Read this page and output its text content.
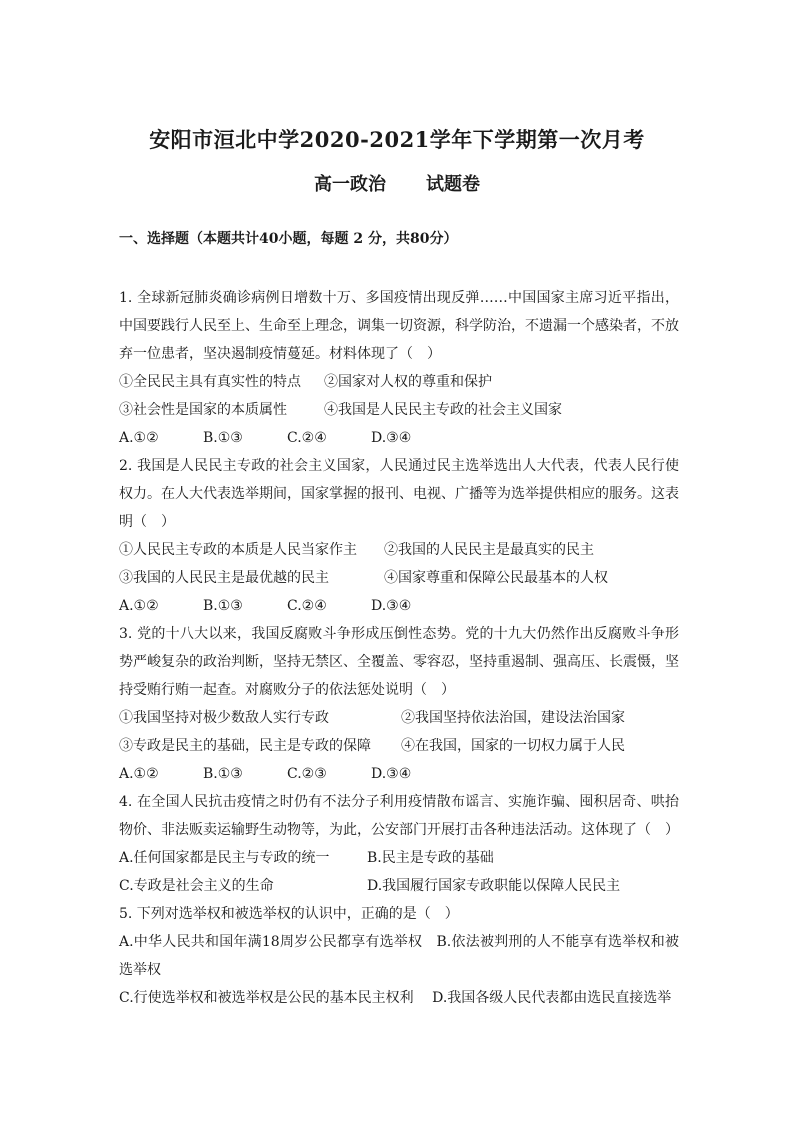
安阳市洹北中学2020-2021学年下学期第一次月考
高一政治 试题卷
一、选择题（本题共计40小题，每题 2 分，共80分）

1. 全球新冠肺炎确诊病例日增数十万、多国疫情出现反弹……中国国家主席习近平指出，中国要践行人民至上、生命至上理念，调集一切资源，科学防治，不遗漏一个感染者，不放弃一位患者，坚决遏制疫情蔓延。材料体现了（　）

①全民民主具有真实性的特点	②国家对人权的尊重和保护
③社会性是国家的本质属性	④我国是人民民主专政的社会主义国家
A.①②	B.①③	C.②④	D.③④

2. 我国是人民民主专政的社会主义国家，人民通过民主选举选出人大代表，代表人民行使权力。在人大代表选举期间，国家掌握的报刊、电视、广播等为选举提供相应的服务。这表明（　）

①人民民主专政的本质是人民当家作主	②我国的人民民主是最真实的民主
③我国的人民民主是最优越的民主	④国家尊重和保障公民最基本的人权
A.①②	B.①③	C.②④	D.③④

3. 党的十八大以来，我国反腐败斗争形成压倒性态势。党的十九大仍然作出反腐败斗争形势严峻复杂的政治判断，坚持无禁区、全覆盖、零容忍，坚持重遏制、强高压、长震慑，坚持受贿行贿一起查。对腐败分子的依法惩处说明（　）

①我国坚持对极少数敌人实行专政	②我国坚持依法治国，建设法治国家
③专政是民主的基础，民主是专政的保障	④在我国，国家的一切权力属于人民
A.①②	B.①③	C.②③	D.③④

4. 在全国人民抗击疫情之时仍有不法分子利用疫情散布谣言、实施诈骗、囤积居奇、哄抬物价、非法贩卖运输野生动物等，为此，公安部门开展打击各种违法活动。这体现了（　）

A.任何国家都是民主与专政的统一	B.民主是专政的基础
C.专政是社会主义的生命	D.我国履行国家专政职能以保障人民民主

5. 下列对选举权和被选举权的认识中，正确的是（　）

A.中华人民共和国年满18周岁公民都享有选举权　B.依法被判刑的人不能享有选举权和被选举权

C.行使选举权和被选举权是公民的基本民主权利　 D.我国各级人民代表都由选民直接选举
